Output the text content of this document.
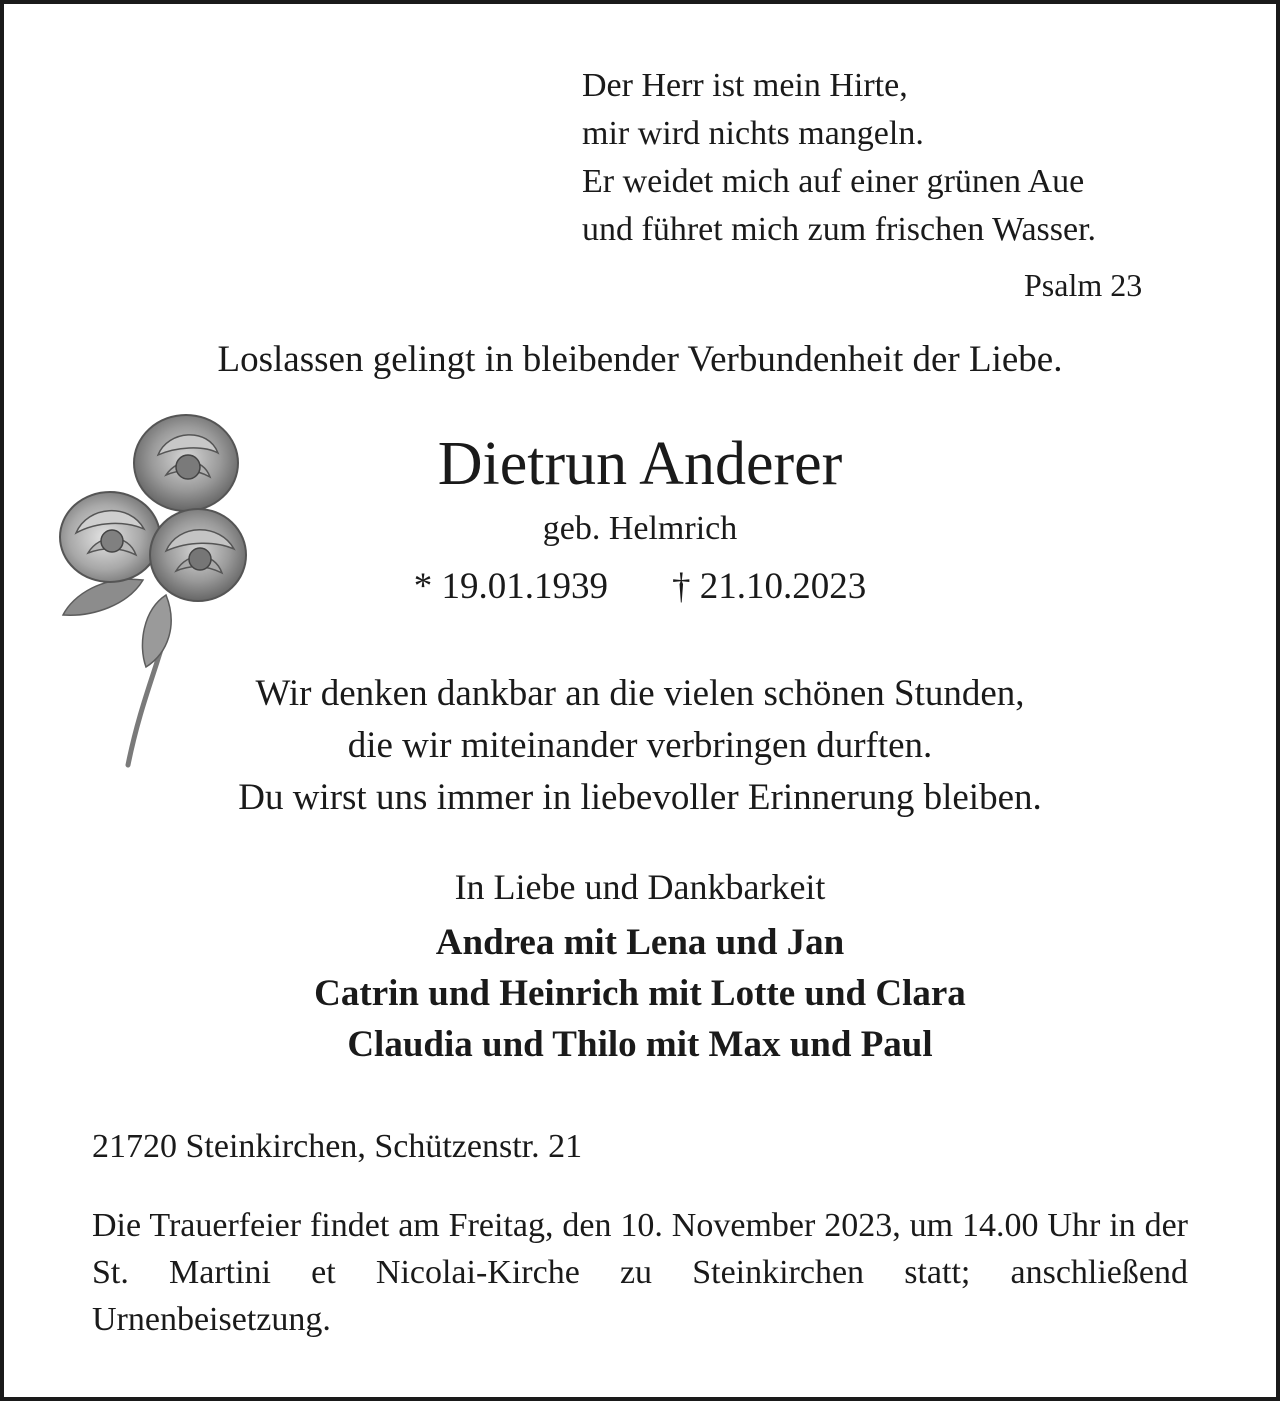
Der Herr ist mein Hirte,
mir wird nichts mangeln.
Er weidet mich auf einer grünen Aue
und führet mich zum frischen Wasser.
Psalm 23
Loslassen gelingt in bleibender Verbundenheit der Liebe.
Dietrun Anderer
geb. Helmrich
* 19.01.1939 † 21.10.2023
Wir denken dankbar an die vielen schönen Stunden,
die wir miteinander verbringen durften.
Du wirst uns immer in liebevoller Erinnerung bleiben.
In Liebe und Dankbarkeit
Andrea mit Lena und Jan
Catrin und Heinrich mit Lotte und Clara
Claudia und Thilo mit Max und Paul
21720 Steinkirchen, Schützenstr. 21
Die Trauerfeier findet am Freitag, den 10. November 2023, um 14.00 Uhr in der St. Martini et Nicolai-Kirche zu Steinkirchen statt; anschließend Urnenbeisetzung.
